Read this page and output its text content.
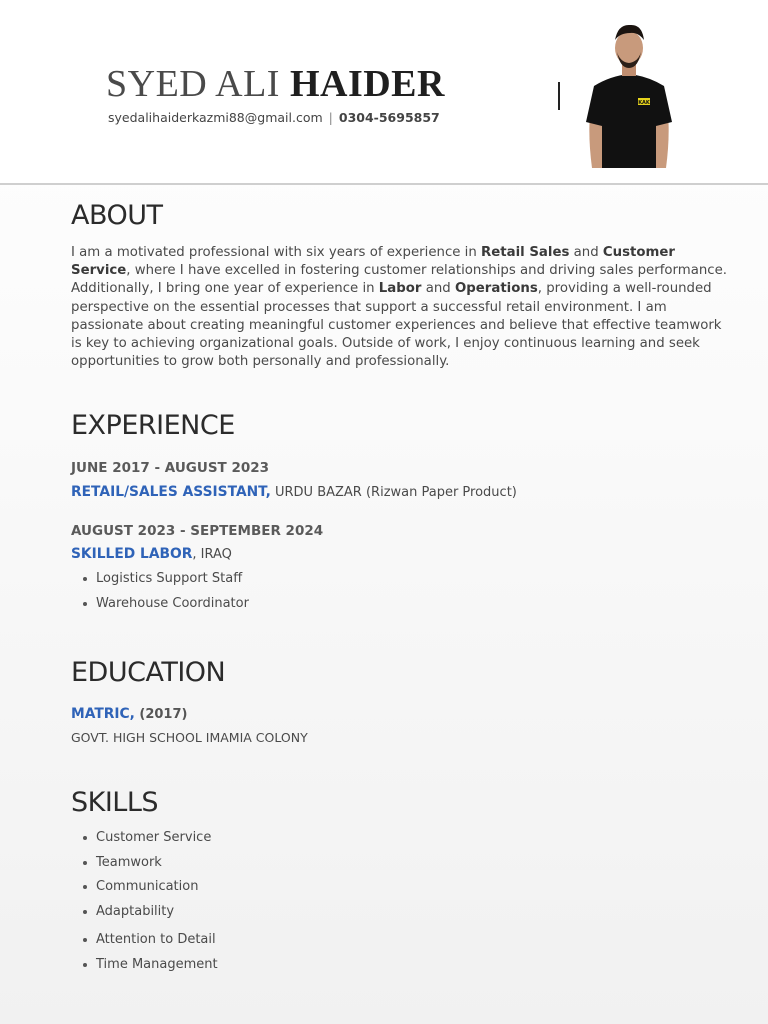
SYED ALI HAIDER
syedalihaiderkazmi88@gmail.com | 0304-5695857
KAK
ABOUT
I am a motivated professional with six years of experience in Retail Sales and Customer Service, where I have excelled in fostering customer relationships and driving sales performance. Additionally, I bring one year of experience in Labor and Operations, providing a well-rounded perspective on the essential processes that support a successful retail environment. I am passionate about creating meaningful customer experiences and believe that effective teamwork is key to achieving organizational goals. Outside of work, I enjoy continuous learning and seek opportunities to grow both personally and professionally.
EXPERIENCE
JUNE 2017 - AUGUST 2023
RETAIL/SALES ASSISTANT, URDU BAZAR (Rizwan Paper Product)
AUGUST 2023 - SEPTEMBER 2024
SKILLED LABOR, IRAQ
Logistics Support Staff
Warehouse Coordinator
EDUCATION
MATRIC, (2017)
GOVT. HIGH SCHOOL IMAMIA COLONY
SKILLS
Customer Service
Teamwork
Communication
Adaptability
Attention to Detail
Time Management
